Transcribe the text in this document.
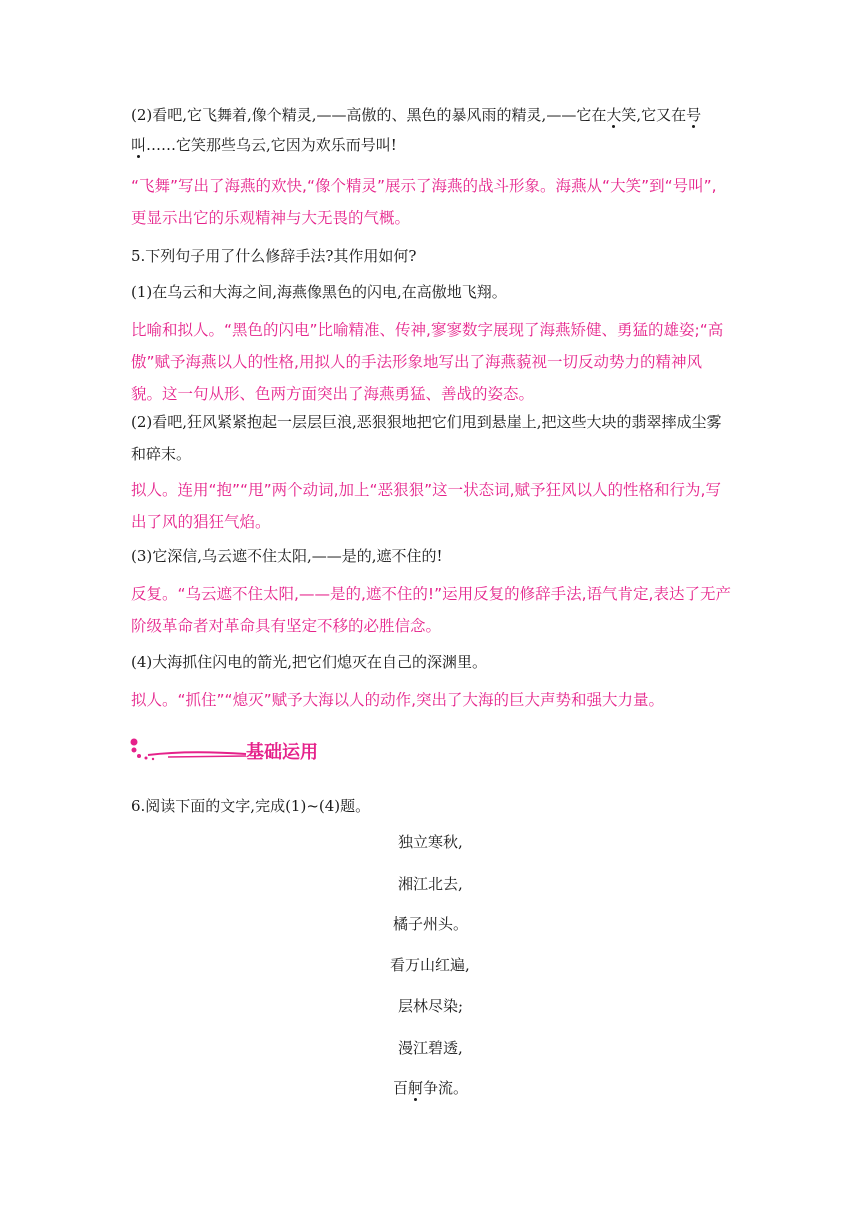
(2)看吧,它飞舞着,像个精灵,——高傲的、黑色的暴风雨的精灵,——它在大笑,它又在号
叫……它笑那些乌云,它因为欢乐而号叫!

“飞舞”写出了海燕的欢快,“像个精灵”展示了海燕的战斗形象。海燕从“大笑”到“号叫”,更显示出它的乐观精神与大无畏的气概。

5.下列句子用了什么修辞手法?其作用如何?

(1)在乌云和大海之间,海燕像黑色的闪电,在高傲地飞翔。

比喻和拟人。“黑色的闪电”比喻精准、传神,寥寥数字展现了海燕矫健、勇猛的雄姿;“高傲”赋予海燕以人的性格,用拟人的手法形象地写出了海燕藐视一切反动势力的精神风貌。这一句从形、色两方面突出了海燕勇猛、善战的姿态。

(2)看吧,狂风紧紧抱起一层层巨浪,恶狠狠地把它们甩到悬崖上,把这些大块的翡翠摔成尘雾和碎末。

拟人。连用“抱”“甩”两个动词,加上“恶狠狠”这一状态词,赋予狂风以人的性格和行为,写出了风的猖狂气焰。

(3)它深信,乌云遮不住太阳,——是的,遮不住的!

反复。“乌云遮不住太阳,——是的,遮不住的!”运用反复的修辞手法,语气肯定,表达了无产阶级革命者对革命具有坚定不移的必胜信念。

(4)大海抓住闪电的箭光,把它们熄灭在自己的深渊里。

拟人。“抓住”“熄灭”赋予大海以人的动作,突出了大海的巨大声势和强大力量。

基础运用

6.阅读下面的文字,完成(1)~(4)题。

独立寒秋,

湘江北去,

橘子州头。

看万山红遍,

层林尽染;

漫江碧透,

百舸争流。
